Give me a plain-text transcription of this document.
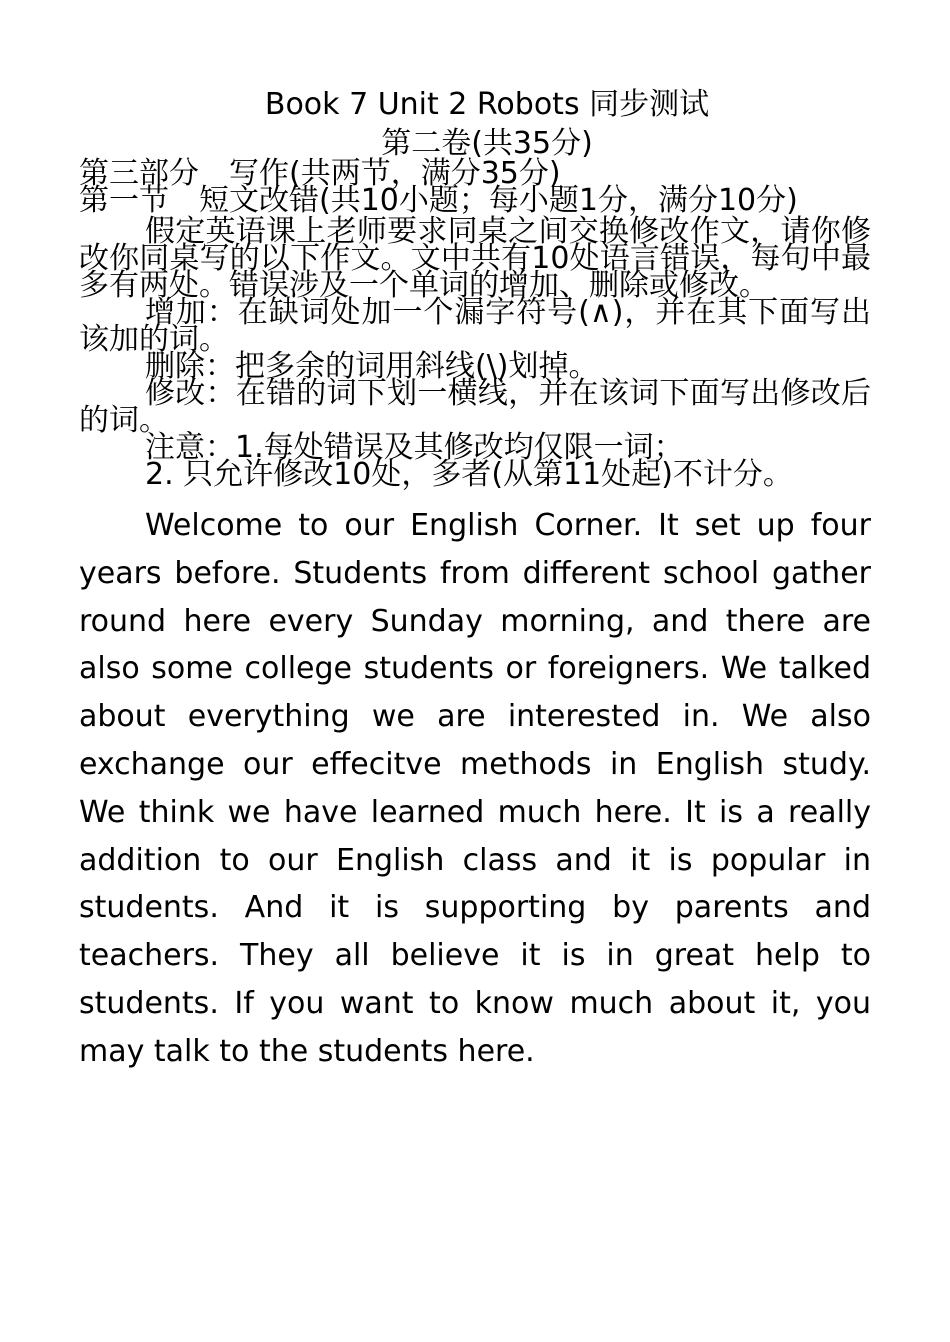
Book 7 Unit 2 Robots 同步测试
第二卷(共35分)

第三部分　写作(共两节，满分35分)

第一节　短文改错(共10小题；每小题1分，满分10分)

假定英语课上老师要求同桌之间交换修改作文，请你修改你同桌写的以下作文。文中共有10处语言错误，每句中最多有两处。错误涉及一个单词的增加、删除或修改。

增加：在缺词处加一个漏字符号(∧)，并在其下面写出该加的词。

删除：把多余的词用斜线(\)划掉。

修改：在错的词下划一横线，并在该词下面写出修改后的词。

注意：1.每处错误及其修改均仅限一词；

2. 只允许修改10处，多者(从第11处起)不计分。

Welcome to our English Corner. It set up four years before. Students from different school gather round here every Sunday morning, and there are also some college students or foreigners. We talked about everything we are interested in. We also exchange our effecitve methods in English study. We think we have learned much here. It is a really addition to our English class and it is popular in students. And it is supporting by parents and teachers. They all believe it is in great help to students. If you want to know much about it, you may talk to the students here.
